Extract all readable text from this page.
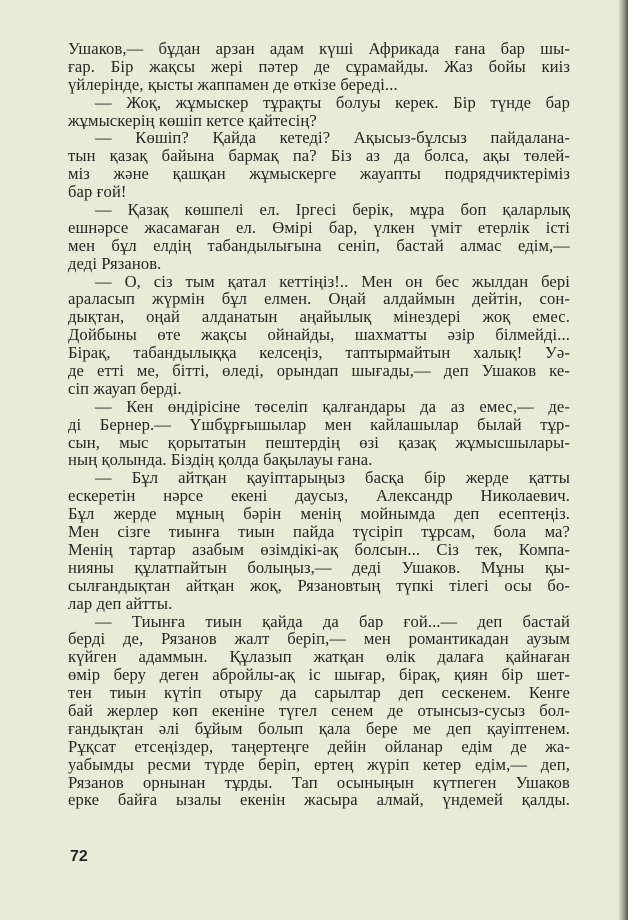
Ушаков,— бұдан арзан адам күші Африкада ғана бар шы-
ғар. Бір жақсы жері пәтер де сұрамайды. Жаз бойы киіз
үйлерінде, қысты жаппамен де өткізе береді...
— Жоқ, жұмыскер тұрақты болуы керек. Бір түнде бар
жұмыскерің көшіп кетсе қайтесің?
— Көшіп? Қайда кетеді? Ақысыз-бұлсыз пайдалана-
тын қазақ байына бармақ па? Біз аз да болса, ақы төлей-
міз және қашқан жұмыскерге жауапты подрядчиктеріміз
бар ғой!
— Қазақ көшпелі ел. Іргесі берік, мұра боп қаларлық
ешнәрсе жасамаған ел. Өмірі бар, үлкен үміт етерлік істі
мен бұл елдің табандылығына сеніп, бастай алмас едім,—
деді Рязанов.
— О, сіз тым қатал кеттіңіз!.. Мен он бес жылдан бері
араласып жүрмін бұл елмен. Оңай алдаймын дейтін, сон-
дықтан, оңай алданатын аңайылық мінездері жоқ емес.
Дойбыны өте жақсы ойнайды, шахматты әзір білмейді...
Бірақ, табандылыққа келсеңіз, таптырмайтын халық! Уә-
де етті ме, бітті, өледі, орындап шығады,— деп Ушаков ке-
сіп жауап берді.
— Кен өндірісіне төселіп қалғандары да аз емес,— де-
ді Бернер.— Үшбұрғышылар мен кайлашылар былай тұр-
сын, мыс қорытатын пештердің өзі қазақ жұмысшылары-
ның қолында. Біздің қолда бақылауы ғана.
— Бұл айтқан қауіптарыңыз басқа бір жерде қатты
ескеретін нәрсе екені даусыз, Александр Николаевич.
Бұл жерде мұның бәрін менің мойнымда деп есептеңіз.
Мен сізге тиынға тиын пайда түсіріп тұрсам, бола ма?
Менің тартар азабым өзімдікі-ақ болсын... Сіз тек, Компа-
нияны құлатпайтын болыңыз,— деді Ушаков. Мұны қы-
сылғандықтан айтқан жоқ, Рязановтың түпкі тілегі осы бо-
лар деп айтты.
— Тиынға тиын қайда да бар ғой...— деп бастай
берді де, Рязанов жалт беріп,— мен романтикадан аузым
күйген адаммын. Құлазып жатқан өлік далаға қайнаған
өмір беру деген абройлы-ақ іс шығар, бірақ, қиян бір шет-
тен тиын күтіп отыру да сарылтар деп сескенем. Кенге
бай жерлер көп екеніне түгел сенем де отынсыз-сусыз бол-
ғандықтан әлі бұйым болып қала бере ме деп қауіптенем.
Рұқсат етсеңіздер, таңертеңге дейін ойланар едім де жа-
уабымды ресми түрде беріп, ертең жүріп кетер едім,— деп,
Рязанов орнынан тұрды. Тап осыныңын күтпеген Ушаков
ерке байға ызалы екенін жасыра алмай, үндемей қалды.
72
